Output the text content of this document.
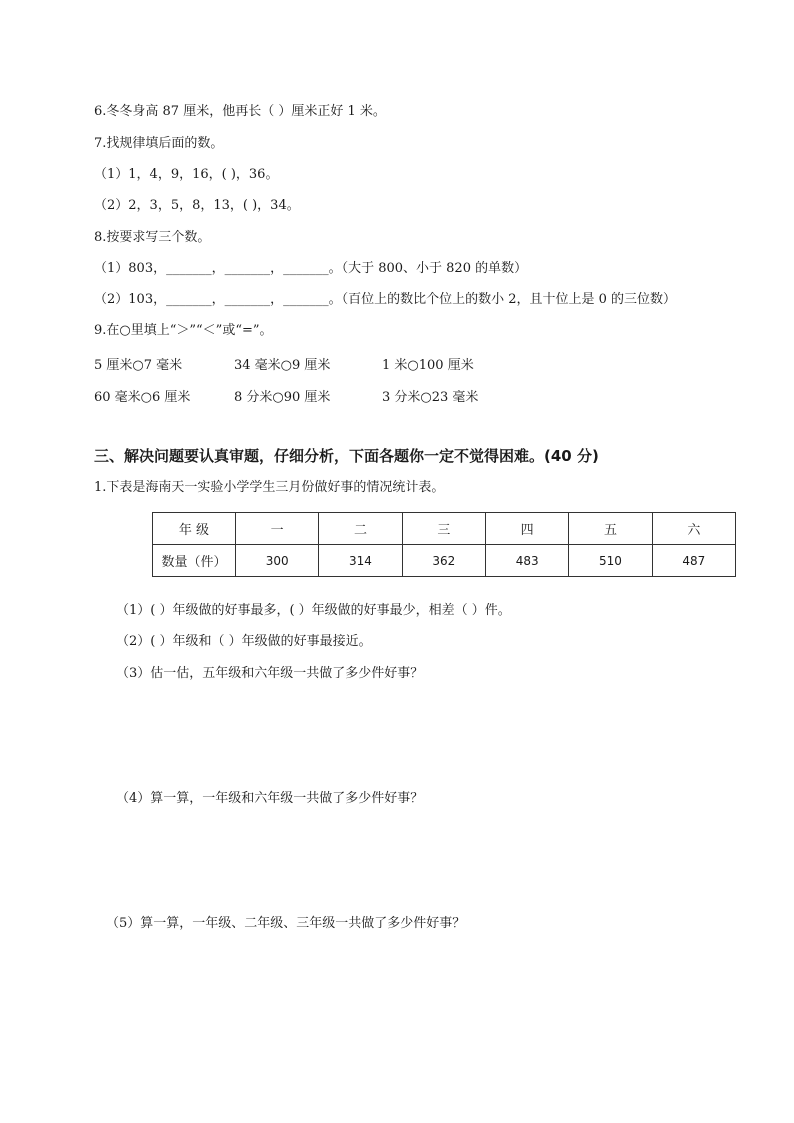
6.冬冬身高 87 厘米，他再长（ ）厘米正好 1 米。
7.找规律填后面的数。
（1）1，4，9，16，( )，36。
（2）2，3，5，8，13，( )，34。
8.按要求写三个数。
（1）803，_______，_______，_______。（大于 800、小于 820 的单数）
（2）103，_______，_______，_______。（百位上的数比个位上的数小 2，且十位上是 0 的三位数）
9.在○里填上“＞”“＜”或“=”。
5 厘米○7 毫米	34 毫米○9 厘米	1 米○100 厘米
60 毫米○6 厘米	8 分米○90 厘米	3 分米○23 毫米
三、解决问题要认真审题，仔细分析，下面各题你一定不觉得困难。(40 分)
1.下表是海南天一实验小学学生三月份做好事的情况统计表。
年 级	一	二	三	四	五	六
数量（件）	300	314	362	483	510	487
（1）( ）年级做的好事最多，( ）年级做的好事最少，相差（ ）件。
（2）( ）年级和（ ）年级做的好事最接近。
（3）估一估，五年级和六年级一共做了多少件好事？
（4）算一算，一年级和六年级一共做了多少件好事？
（5）算一算，一年级、二年级、三年级一共做了多少件好事？
